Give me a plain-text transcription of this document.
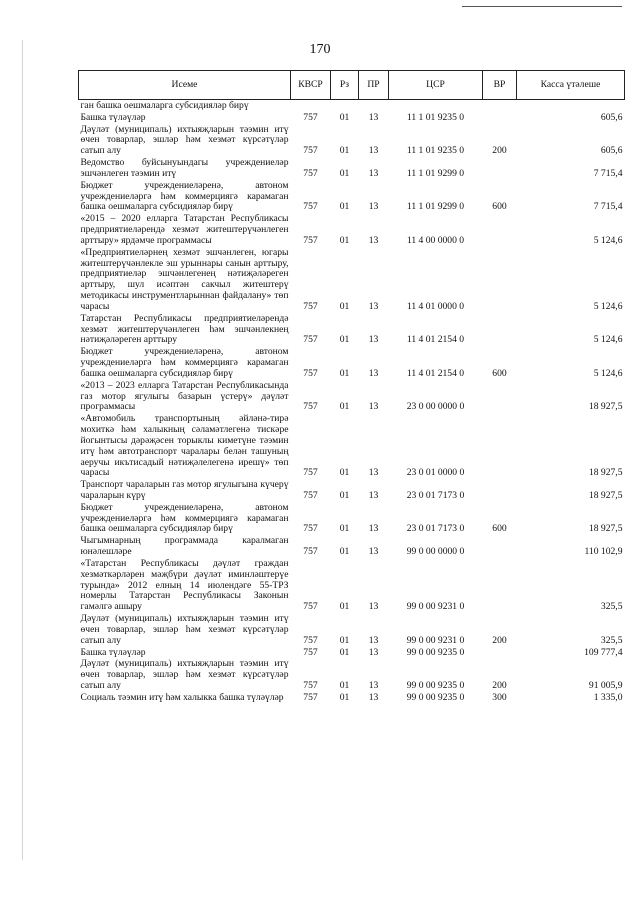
170
Исеме	КВСР	Рз	ПР	ЦСР	ВР	Касса үтәлеше
ган башка оешмаларга субсидияләр бирү						
Башка түләүләр	757	01	13	11 1 01 9235 0		605,6
Дәүләт (муниципаль) ихтыяҗларын тәэмин итү өчен товарлар, эшләр һәм хезмәт күрсәтүләр сатып алу	757	01	13	11 1 01 9235 0	200	605,6
Ведомство буйсынуындагы учреждениеләр эшчәнлеген тәэмин итү	757	01	13	11 1 01 9299 0		7 715,4
Бюджет учреждениеләренә, автоном учреждениеләргә һәм коммерциягә карамаган башка оешмаларга субсидияләр бирү	757	01	13	11 1 01 9299 0	600	7 715,4
«2015 – 2020 елларга Татарстан Республикасы предприятиеләрендә хезмәт житештерүчәнлеген арттыру» ярдәмче программасы	757	01	13	11 4 00 0000 0		5 124,6
«Предприятиеләрнең хезмәт эшчәнлеген, югары житештерүчәнлекле эш урыннары санын арттыру, предприятиеләр эшчәнлегенең нәтиҗәләреген арттыру, шул исәптән сакчыл житештерү методикасы инструментларыннан файдалану» төп чарасы	757	01	13	11 4 01 0000 0		5 124,6
Татарстан Республикасы предприятиеләрендә хезмәт житештерүчәнлеген һәм эшчәнлекнең нәтиҗәләреген арттыру	757	01	13	11 4 01 2154 0		5 124,6
Бюджет учреждениеләренә, автоном учреждениеләргә һәм коммерциягә карамаган башка оешмаларга субсидияләр бирү	757	01	13	11 4 01 2154 0	600	5 124,6
«2013 – 2023 елларга Татарстан Республикасында газ мотор ягулыгы базарын үстерү» дәүләт программасы	757	01	13	23 0 00 0000 0		18 927,5
«Автомобиль транспортының әйләнә-тирә мохиткә һәм халыкның сәламәтлегенә тискәре йогынтысы дәрәҗәсен торыклы киметүне тәэмин итү һәм автотранспорт чаралары белән ташуның аеручы икътисадый нәтиҗәлелегенә ирешү» төп чарасы	757	01	13	23 0 01 0000 0		18 927,5
Транспорт чараларын газ мотор ягулыгына күчерү чараларын күрү	757	01	13	23 0 01 7173 0		18 927,5
Бюджет учреждениеләренә, автоном учреждениеләргә һәм коммерциягә карамаган башка оешмаларга субсидияләр бирү	757	01	13	23 0 01 7173 0	600	18 927,5
Чыгымнарның программада каралмаган юнәлешләре	757	01	13	99 0 00 0000 0		110 102,9
«Татарстан Республикасы дәүләт граждан хезмәткәрләрен мәҗбүри дәүләт иминләштерүе турында» 2012 елның 14 июлендәге 55-ТРЗ номерлы Татарстан Республикасы Законын гамәлгә ашыру	757	01	13	99 0 00 9231 0		325,5
Дәүләт (муниципаль) ихтыяҗларын тәэмин итү өчен товарлар, эшләр һәм хезмәт күрсәтүләр сатып алу	757	01	13	99 0 00 9231 0	200	325,5
Башка түләүләр	757	01	13	99 0 00 9235 0		109 777,4
Дәүләт (муниципаль) ихтыяҗларын тәэмин итү өчен товарлар, эшләр һәм хезмәт күрсәтүләр сатып алу	757	01	13	99 0 00 9235 0	200	91 005,9
Социаль тәэмин итү һәм халыкка башка түләүләр	757	01	13	99 0 00 9235 0	300	1 335,0
